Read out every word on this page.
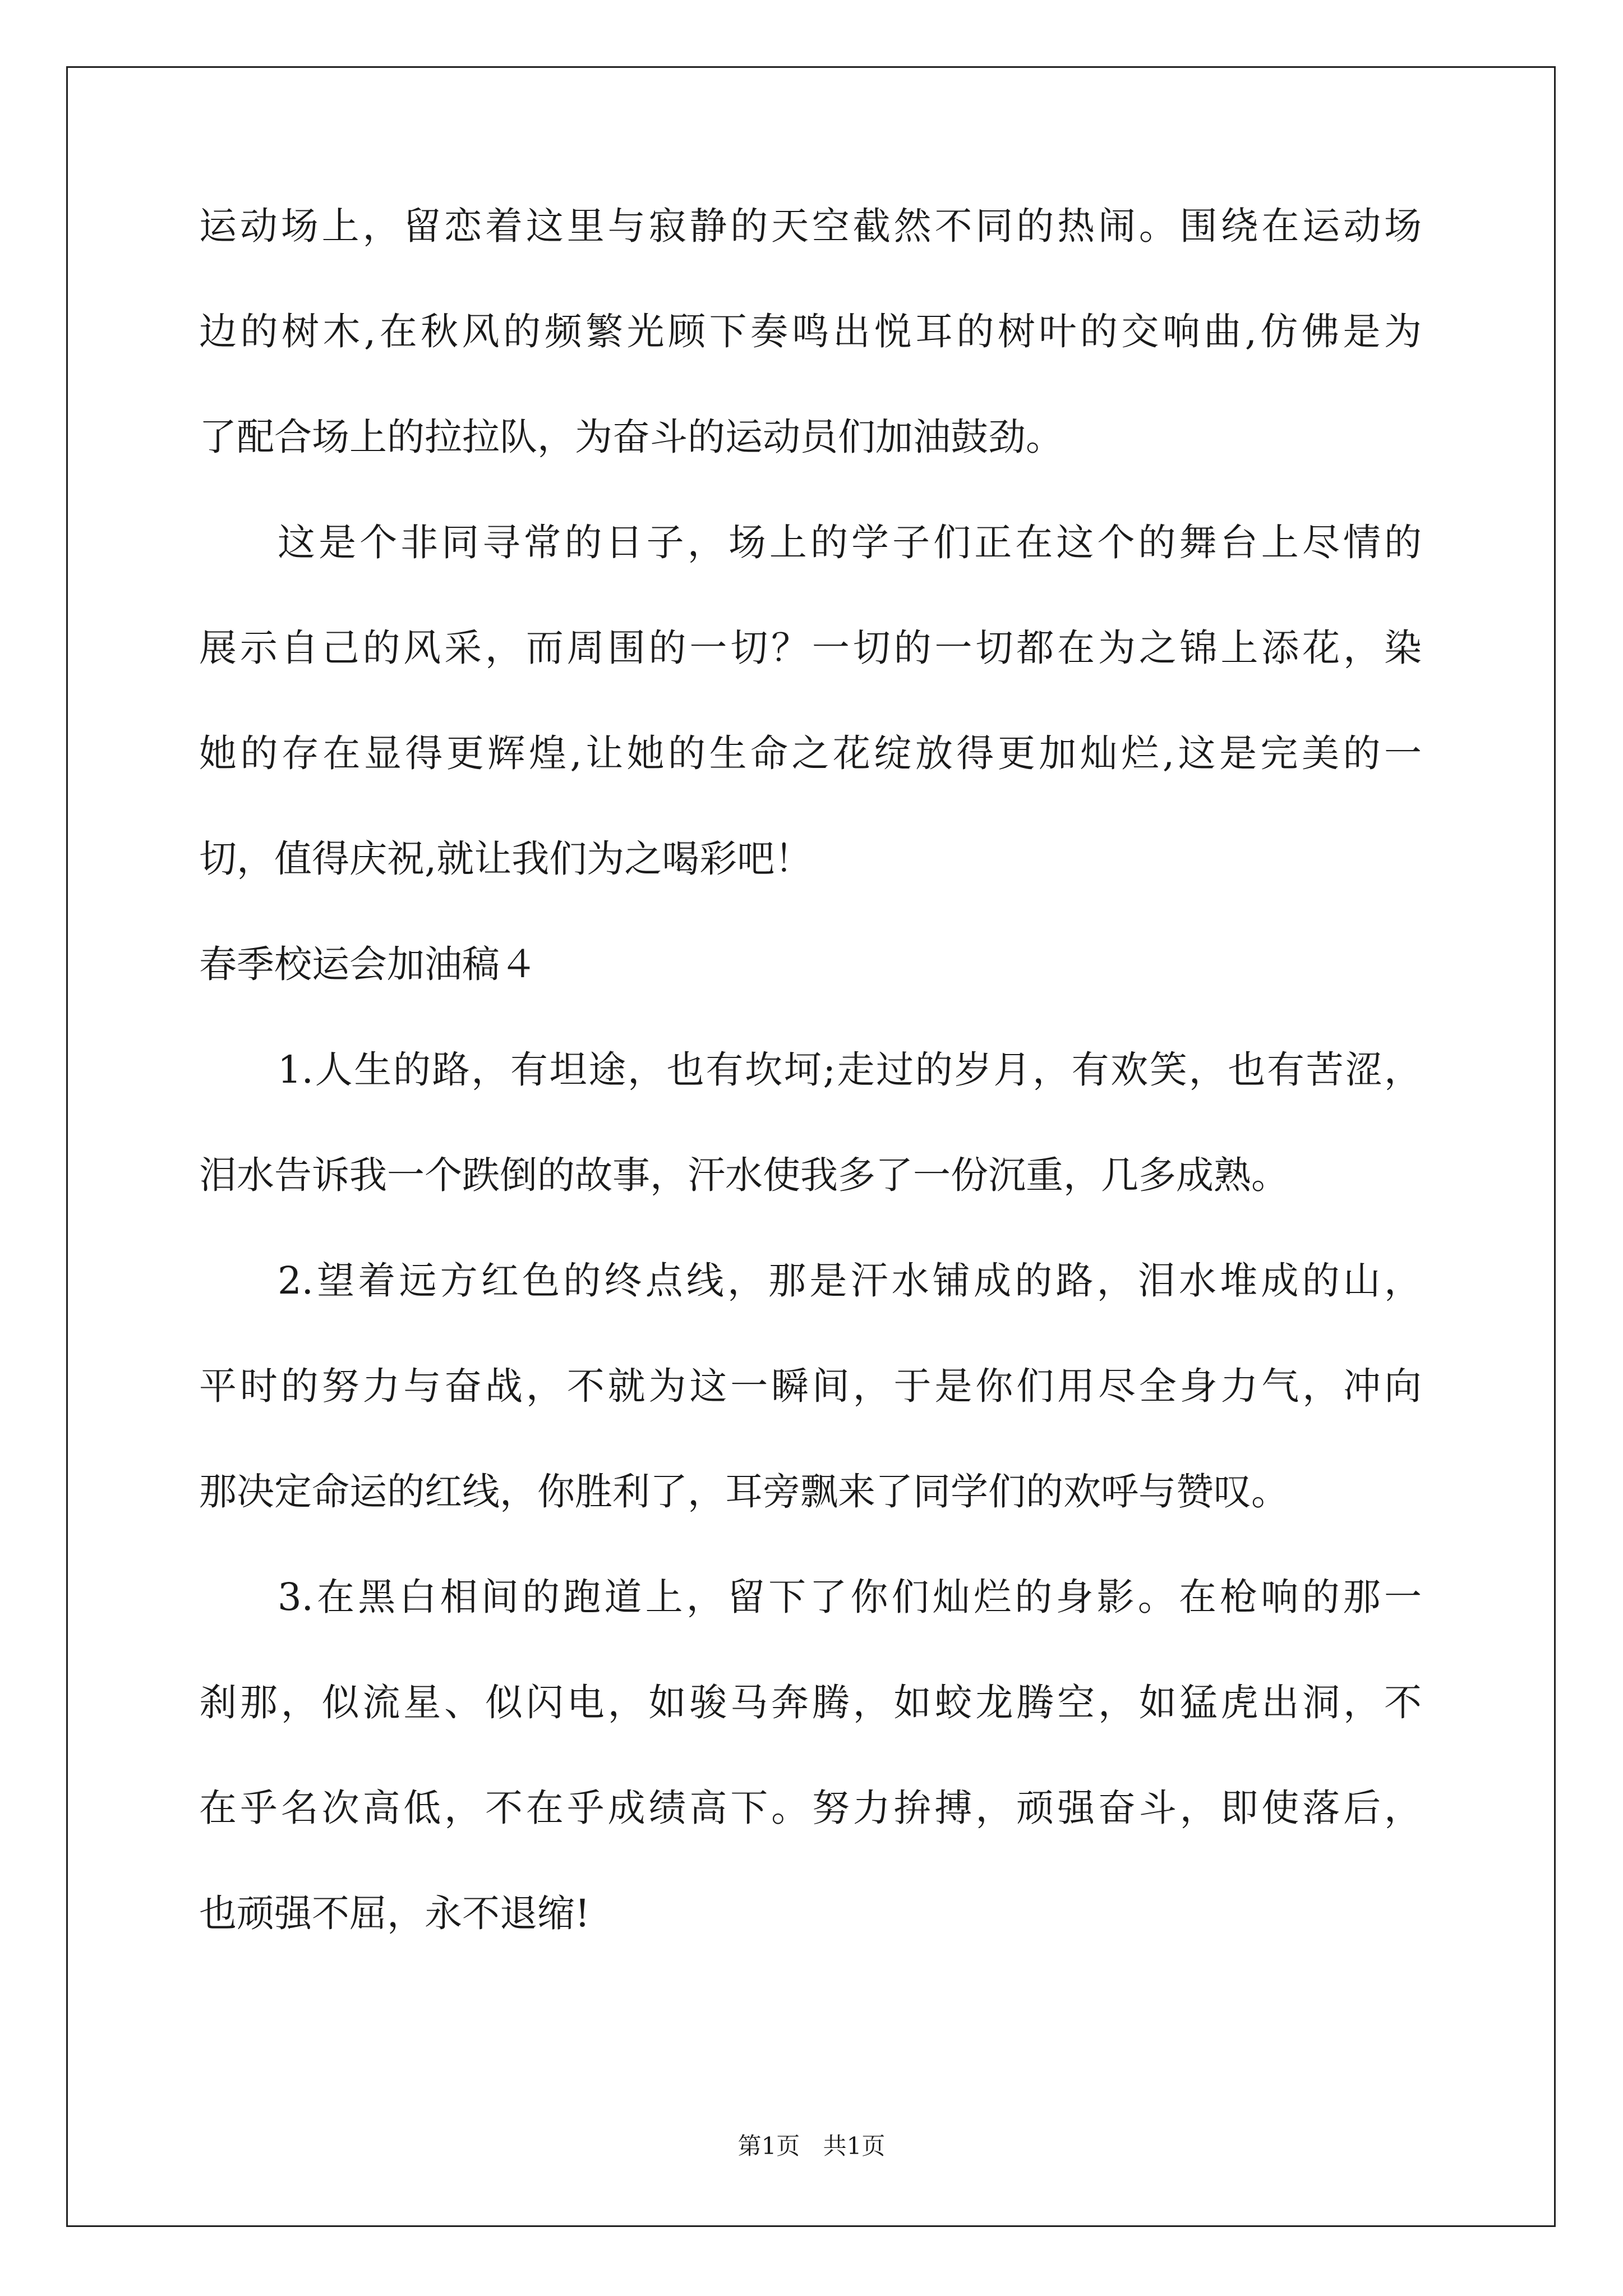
运动场上，留恋着这里与寂静的天空截然不同的热闹。围绕在运动场

边的树木,在秋风的频繁光顾下奏鸣出悦耳的树叶的交响曲,仿佛是为

了配合场上的拉拉队，为奋斗的运动员们加油鼓劲。

这是个非同寻常的日子，场上的学子们正在这个的舞台上尽情的

展示自己的风采，而周围的一切？一切的一切都在为之锦上添花，染

她的存在显得更辉煌,让她的生命之花绽放得更加灿烂,这是完美的一

切，值得庆祝,就让我们为之喝彩吧！

春季校运会加油稿４

1.人生的路，有坦途，也有坎坷;走过的岁月，有欢笑，也有苦涩，

泪水告诉我一个跌倒的故事，汗水使我多了一份沉重，几多成熟。

2.望着远方红色的终点线，那是汗水铺成的路，泪水堆成的山，

平时的努力与奋战，不就为这一瞬间，于是你们用尽全身力气，冲向

那决定命运的红线，你胜利了，耳旁飘来了同学们的欢呼与赞叹。

3.在黑白相间的跑道上，留下了你们灿烂的身影。在枪响的那一

刹那，似流星、似闪电，如骏马奔腾，如蛟龙腾空，如猛虎出洞，不

在乎名次高低，不在乎成绩高下。努力拚搏，顽强奋斗，即使落后，

也顽强不屈，永不退缩!

第1页 共1页
